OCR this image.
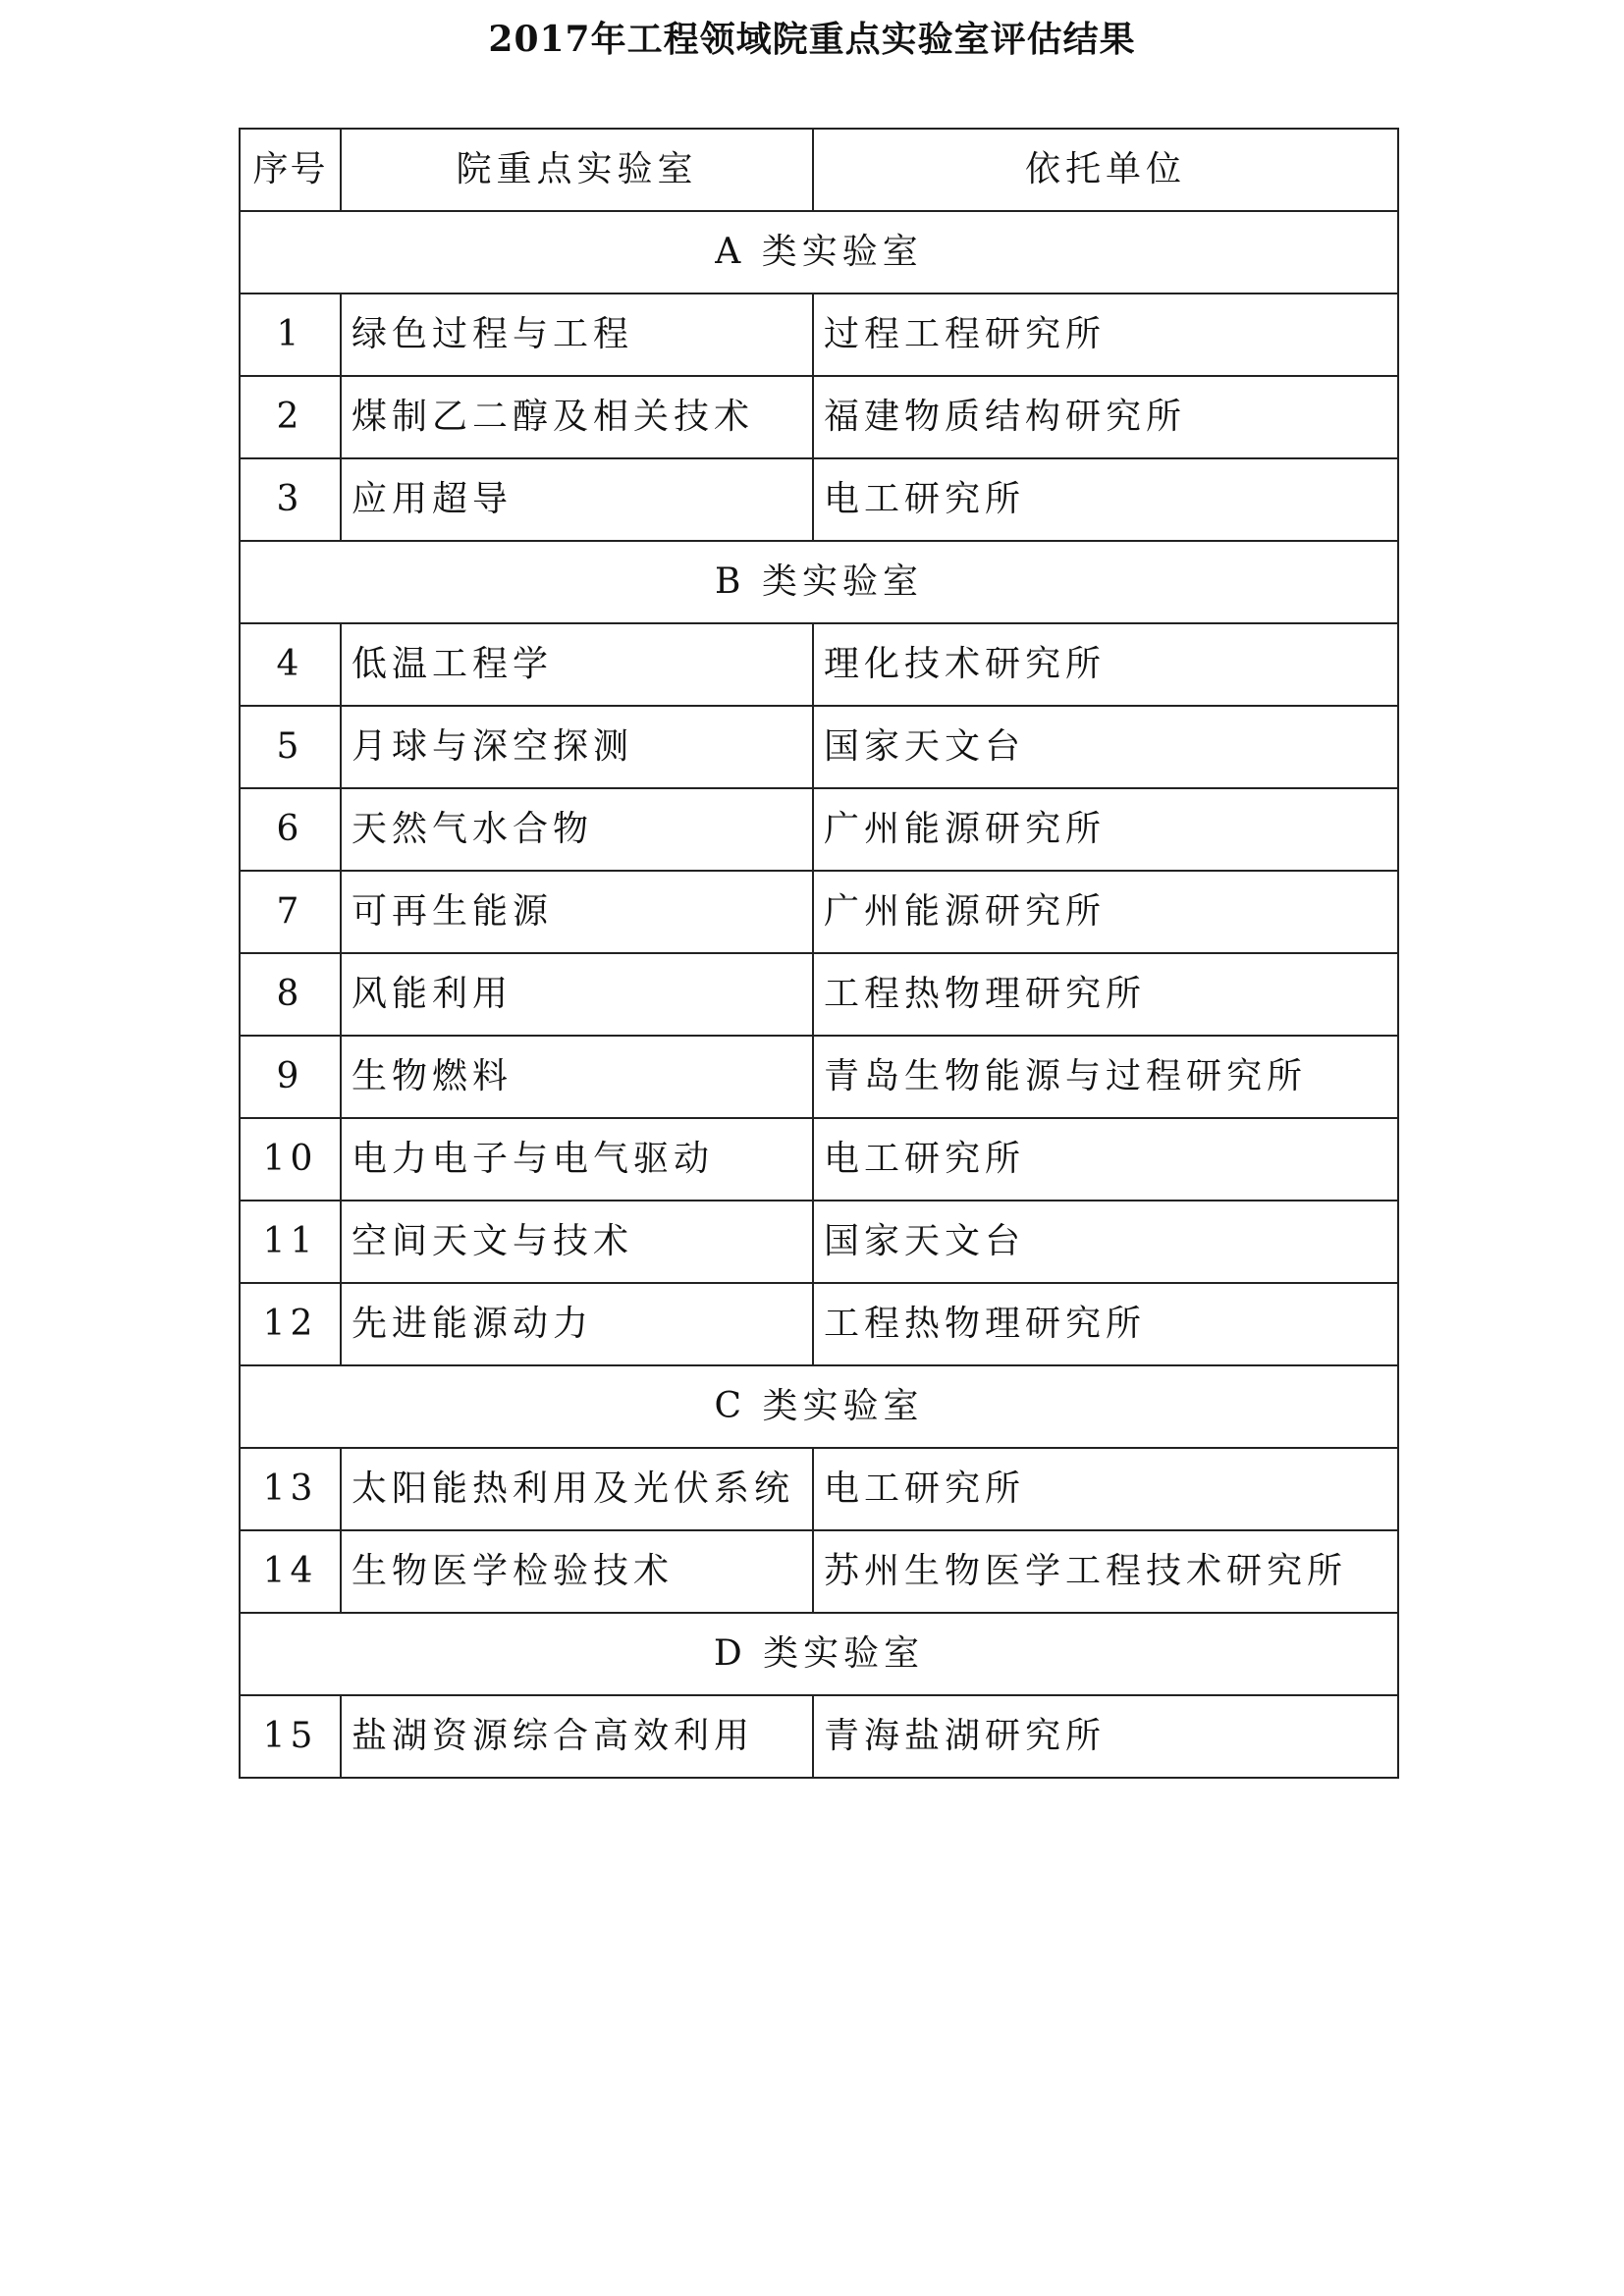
2017年工程领域院重点实验室评估结果
序号	院重点实验室	依托单位
A 类实验室		
1	绿色过程与工程	过程工程研究所
2	煤制乙二醇及相关技术	福建物质结构研究所
3	应用超导	电工研究所
B 类实验室		
4	低温工程学	理化技术研究所
5	月球与深空探测	国家天文台
6	天然气水合物	广州能源研究所
7	可再生能源	广州能源研究所
8	风能利用	工程热物理研究所
9	生物燃料	青岛生物能源与过程研究所
10	电力电子与电气驱动	电工研究所
11	空间天文与技术	国家天文台
12	先进能源动力	工程热物理研究所
C 类实验室		
13	太阳能热利用及光伏系统	电工研究所
14	生物医学检验技术	苏州生物医学工程技术研究所
D 类实验室		
15	盐湖资源综合高效利用	青海盐湖研究所
